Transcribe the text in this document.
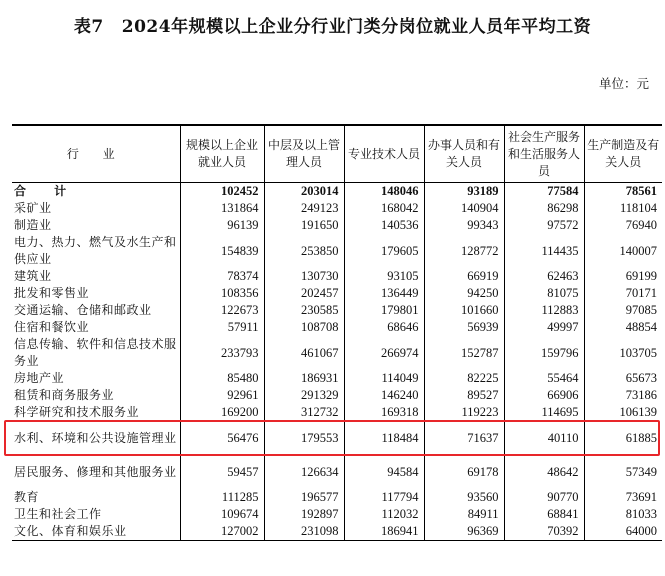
表7 2024年规模以上企业分行业门类分岗位就业人员年平均工资
单位：元
行 业	规模以上企业就业人员	中层及以上管理人员	专业技术人员	办事人员和有关人员	社会生产服务和生活服务人员	生产制造及有关人员
合 计	102452	203014	148046	93189	77584	78561
采矿业	131864	249123	168042	140904	86298	118104
制造业	96139	191650	140536	99343	97572	76940
电力、热力、燃气及水生产和供应业	154839	253850	179605	128772	114435	140007
建筑业	78374	130730	93105	66919	62463	69199
批发和零售业	108356	202457	136449	94250	81075	70171
交通运输、仓储和邮政业	122673	230585	179801	101660	112883	97085
住宿和餐饮业	57911	108708	68646	56939	49997	48854
信息传输、软件和信息技术服务业	233793	461067	266974	152787	159796	103705
房地产业	85480	186931	114049	82225	55464	65673
租赁和商务服务业	92961	291329	146240	89527	66906	73186
科学研究和技术服务业	169200	312732	169318	119223	114695	106139
水利、环境和公共设施管理业	56476	179553	118484	71637	40110	61885
居民服务、修理和其他服务业	59457	126634	94584	69178	48642	57349
教育	111285	196577	117794	93560	90770	73691
卫生和社会工作	109674	192897	112032	84911	68841	81033
文化、体育和娱乐业	127002	231098	186941	96369	70392	64000
